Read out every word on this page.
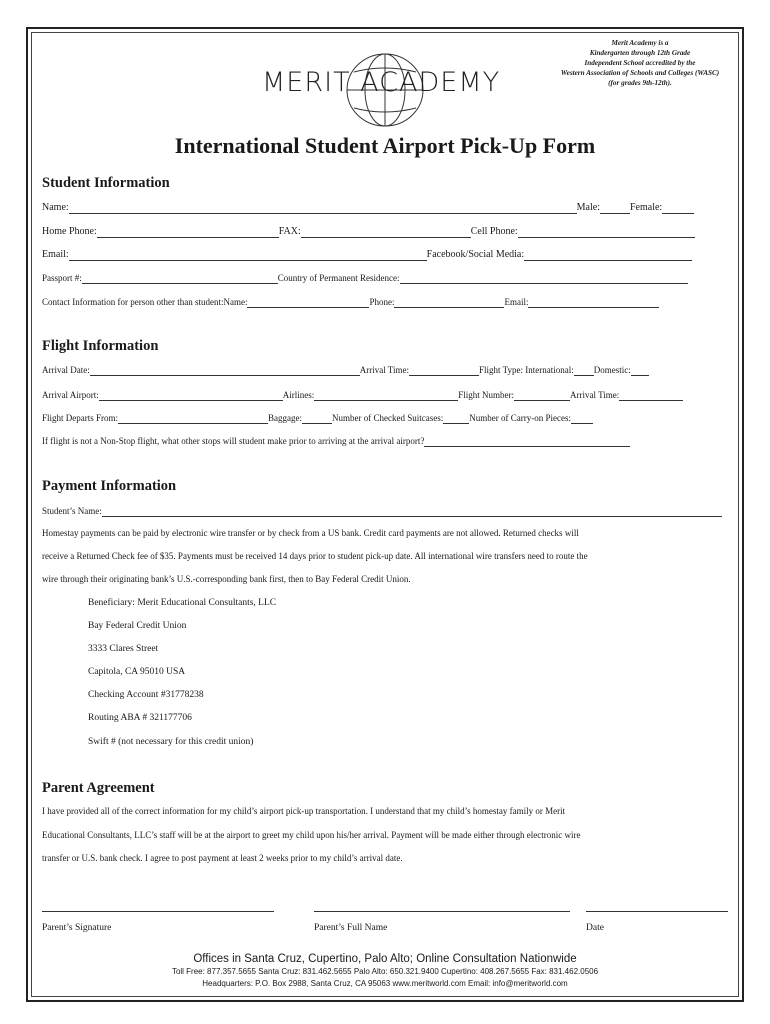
MERIT ACADEMY
Merit Academy is a
Kindergarten through 12th Grade
Independent School accredited by the
Western Association of Schools and Colleges (WASC)
(for grades 9th-12th).
International Student Airport Pick-Up Form
Student Information
Name:	Male:	Female:
Home Phone:	FAX:	Cell Phone:
Email:	Facebook/Social Media:
Passport #:	Country of Permanent Residence:
Contact Information for person other than student:Name:	Phone:	Email:
Flight Information
Arrival Date:	Arrival Time:	Flight Type: International: Domestic:
Arrival Airport:	Airlines:	Flight Number:	Arrival Time:
Flight Departs From:	Baggage:	Number of Checked Suitcases:	Number of Carry-on Pieces:
If flight is not a Non-Stop flight, what other stops will student make prior to arriving at the arrival airport?
Payment Information
Student’s Name:
Homestay payments can be paid by electronic wire transfer or by check from a US bank. Credit card payments are not allowed. Returned checks will
receive a Returned Check fee of $35. Payments must be received 14 days prior to student pick-up date. All international wire transfers need to route the
wire through their originating bank’s U.S.-corresponding bank first, then to Bay Federal Credit Union.
Beneficiary: Merit Educational Consultants, LLC
Bay Federal Credit Union
3333 Clares Street
Capitola, CA 95010 USA
Checking Account #31778238
Routing ABA # 321177706
Swift # (not necessary for this credit union)
Parent Agreement
I have provided all of the correct information for my child’s airport pick-up transportation. I understand that my child’s homestay family or Merit
Educational Consultants, LLC’s staff will be at the airport to greet my child upon his/her arrival. Payment will be made either through electronic wire
transfer or U.S. bank check. I agree to post payment at least 2 weeks prior to my child’s arrival date.
Parent’s Signature	Parent’s Full Name	Date
Offices in Santa Cruz, Cupertino, Palo Alto; Online Consultation Nationwide
Toll Free: 877.357.5655 Santa Cruz: 831.462.5655 Palo Alto: 650.321.9400 Cupertino: 408.267.5655 Fax: 831.462.0506
Headquarters: P.O. Box 2988, Santa Cruz, CA 95063 www.meritworld.com Email: info@meritworld.com
